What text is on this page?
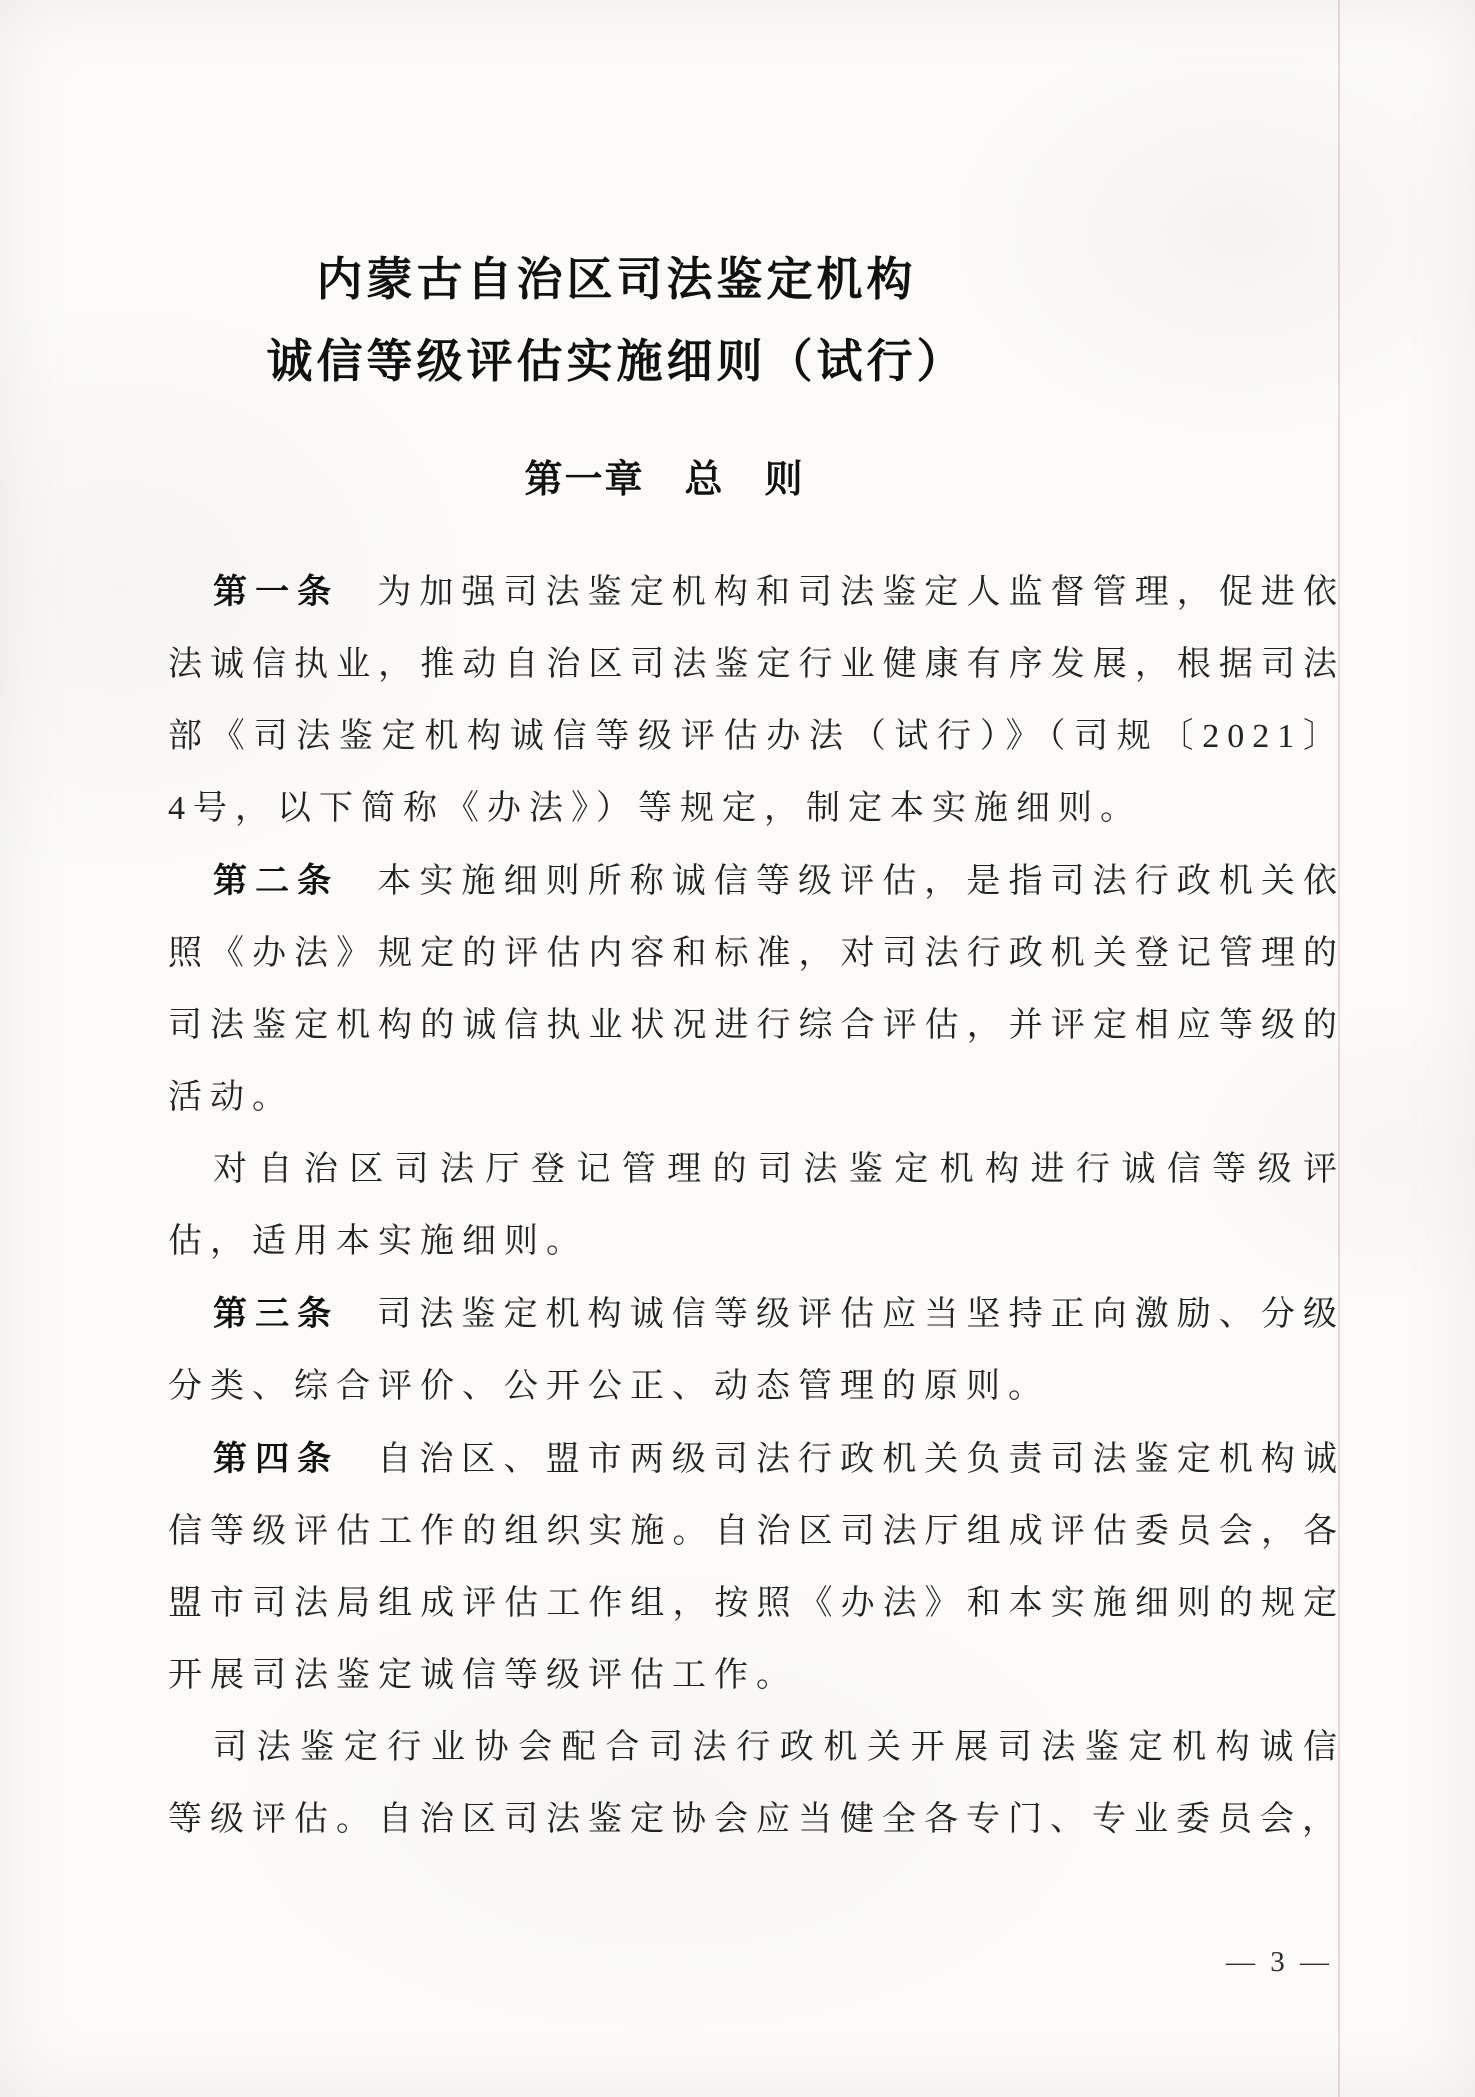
内蒙古自治区司法鉴定机构
诚信等级评估实施细则（试行）
第一章　总　则

第一条 为加强司法鉴定机构和司法鉴定人监督管理，促进依法诚信执业，推动自治区司法鉴定行业健康有序发展，根据司法部《司法鉴定机构诚信等级评估办法（试行）》（司规〔2021〕4号，以下简称《办法》）等规定，制定本实施细则。

第二条 本实施细则所称诚信等级评估，是指司法行政机关依照《办法》规定的评估内容和标准，对司法行政机关登记管理的司法鉴定机构的诚信执业状况进行综合评估，并评定相应等级的活动。

对自治区司法厅登记管理的司法鉴定机构进行诚信等级评估，适用本实施细则。

第三条 司法鉴定机构诚信等级评估应当坚持正向激励、分级分类、综合评价、公开公正、动态管理的原则。

第四条 自治区、盟市两级司法行政机关负责司法鉴定机构诚信等级评估工作的组织实施。自治区司法厅组成评估委员会，各盟市司法局组成评估工作组，按照《办法》和本实施细则的规定开展司法鉴定诚信等级评估工作。

司法鉴定行业协会配合司法行政机关开展司法鉴定机构诚信等级评估。自治区司法鉴定协会应当健全各专门、专业委员会，

— 3 —
